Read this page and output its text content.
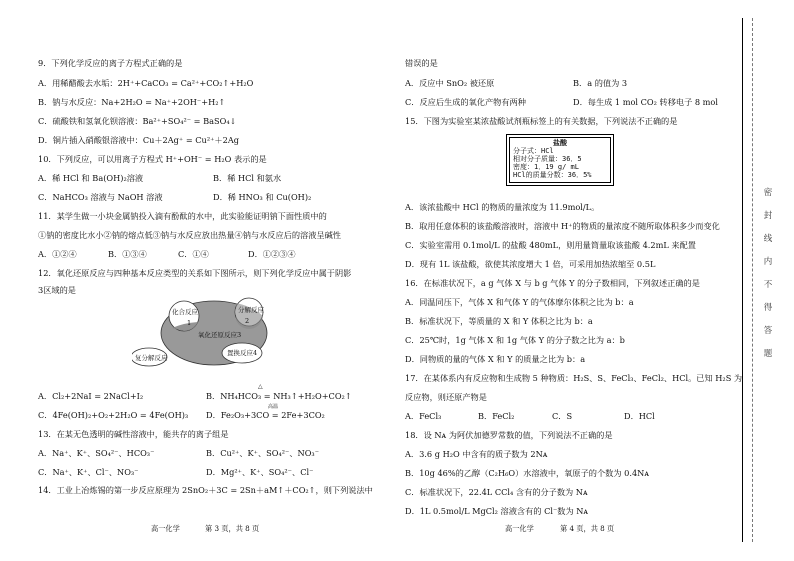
9．下列化学反应的离子方程式正确的是
A．用稀醋酸去水垢：2H⁺+CaCO₃ = Ca²⁺+CO₂↑+H₂O
B．钠与水反应：Na+2H₂O = Na⁺+2OH⁻+H₂↑
C．硫酸铁和氢氧化钡溶液：Ba²⁺+SO₄²⁻ = BaSO₄↓
D．铜片插入硝酸银溶液中：Cu＋2Ag⁺ = Cu²⁺＋2Ag
10．下列反应，可以用离子方程式 H⁺+OH⁻ = H₂O 表示的是
A．稀 HCl 和 Ba(OH)₂溶液	B．稀 HCl 和氨水
C．NaHCO₃ 溶液与 NaOH 溶液	D．稀 HNO₃ 和 Cu(OH)₂
11．某学生做一小块金属钠投入滴有酚酞的水中，此实验能证明钠下面性质中的
①钠的密度比水小②钠的熔点低③钠与水反应放出热量④钠与水反应后的溶液呈碱性
A．①②④	B．①③④	C．①④	D．①②③④
12．氧化还原反应与四种基本反应类型的关系如下图所示，则下列化学反应中属于阴影
3区域的是
化合反应
1
分解反应
2
氧化还原反应3
置换反应4
复分解反应
A．Cl₂+2NaI = 2NaCl+I₂	B．NH₄HCO₃ = NH₃↑+H₂O+CO₂↑
△
C．4Fe(OH)₂+O₂+2H₂O = 4Fe(OH)₃ D．Fe₂O₃+3CO = 2Fe+3CO₂
高温
13．在某无色透明的碱性溶液中，能共存的离子组是
A．Na⁺、K⁺、SO₄²⁻、HCO₃⁻	B．Cu²⁺、K⁺、SO₄²⁻、NO₃⁻
C．Na⁺、K⁺、Cl⁻、NO₃⁻	D．Mg²⁺、K⁺、SO₄²⁻、Cl⁻
14．工业上冶炼锡的第一步反应原理为 2SnO₂＋3C = 2Sn＋aM↑＋CO₂↑，则下列说法中
高一化学	第 3 页，共 8 页
错误的是
A．反应中 SnO₂ 被还原	B．a 的值为 3
C．反应后生成的氧化产物有两种	D．每生成 1 mol CO₂ 转移电子 8 mol
15．下图为实验室某浓盐酸试剂瓶标签上的有关数据，下列说法不正确的是
盐酸
分子式：HCl
相对分子质量：36．5
密度：1．19 g/ mL
HCl的质量分数：36．5%
A．该浓盐酸中 HCl 的物质的量浓度为 11.9mol/L。
B．取用任意体积的该盐酸溶液时，溶液中 H⁺的物质的量浓度不随所取体积多少而变化
C．实验室需用 0.1mol/L 的盐酸 480mL，则用量筒量取该盐酸 4.2mL 来配置
D．现有 1L 该盐酸，欲使其浓度增大 1 倍，可采用加热浓缩至 0.5L
16．在标准状况下，a g 气体 X 与 b g 气体 Y 的分子数相同，下列叙述正确的是
A．同温同压下，气体 X 和气体 Y 的气体摩尔体积之比为 b：a
B．标准状况下，等质量的 X 和 Y 体积之比为 b：a
C．25℃时，1g 气体 X 和 1g 气体 Y 的分子数之比为 a：b
D．同物质的量的气体 X 和 Y 的质量之比为 b：a
17．在某体系内有反应物和生成物 5 种物质：H₂S、S、FeCl₃、FeCl₂、HCl。已知 H₂S 为
反应物，则还原产物是
A．FeCl₃	B．FeCl₂	C．S	D．HCl
18．设 Nᴀ 为阿伏加德罗常数的值，下列说法不正确的是
A．3.6 g H₂O 中含有的质子数为 2Nᴀ
B．10g 46%的乙醇（C₂H₆O）水溶液中，氧原子的个数为 0.4Nᴀ
C．标准状况下，22.4L CCl₄ 含有的分子数为 Nᴀ
D．1L 0.5mol/L MgCl₂ 溶液含有的 Cl⁻数为 Nᴀ
高一化学	第 4 页，共 8 页
密
封
线
内
不
得
答
题
